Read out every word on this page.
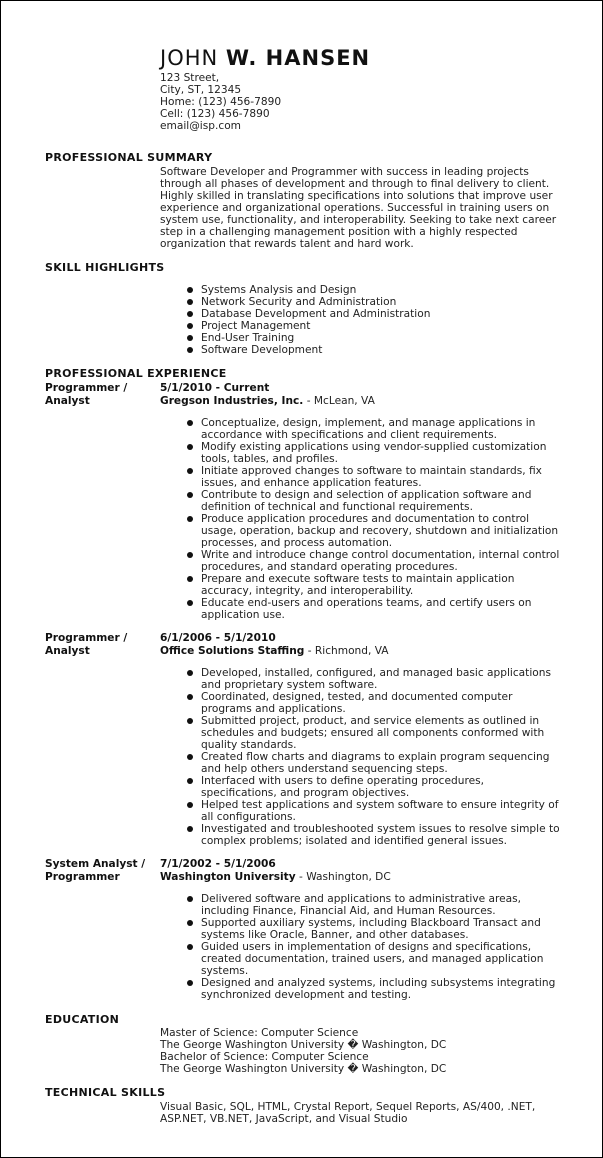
JOHN W. HANSEN
123 Street,
City, ST, 12345
Home: (123) 456-7890
Cell: (123) 456-7890
email@isp.com
PROFESSIONAL SUMMARY
Software Developer and Programmer with success in leading projects through all phases of development and through to final delivery to client. Highly skilled in translating specifications into solutions that improve user experience and organizational operations. Successful in training users on system use, functionality, and interoperability. Seeking to take next career step in a challenging management position with a highly respected organization that rewards talent and hard work.
SKILL HIGHLIGHTS
Systems Analysis and Design
Network Security and Administration
Database Development and Administration
Project Management
End-User Training
Software Development
PROFESSIONAL EXPERIENCE
Programmer / Analyst
5/1/2010 - Current
Gregson Industries, Inc. - McLean, VA
Conceptualize, design, implement, and manage applications in accordance with specifications and client requirements.
Modify existing applications using vendor-supplied customization tools, tables, and profiles.
Initiate approved changes to software to maintain standards, fix issues, and enhance application features.
Contribute to design and selection of application software and definition of technical and functional requirements.
Produce application procedures and documentation to control usage, operation, backup and recovery, shutdown and initialization processes, and process automation.
Write and introduce change control documentation, internal control procedures, and standard operating procedures.
Prepare and execute software tests to maintain application accuracy, integrity, and interoperability.
Educate end-users and operations teams, and certify users on application use.
Programmer / Analyst
6/1/2006 - 5/1/2010
Office Solutions Staffing - Richmond, VA
Developed, installed, configured, and managed basic applications and proprietary system software.
Coordinated, designed, tested, and documented computer programs and applications.
Submitted project, product, and service elements as outlined in schedules and budgets; ensured all components conformed with quality standards.
Created flow charts and diagrams to explain program sequencing and help others understand sequencing steps.
Interfaced with users to define operating procedures, specifications, and program objectives.
Helped test applications and system software to ensure integrity of all configurations.
Investigated and troubleshooted system issues to resolve simple to complex problems; isolated and identified general issues.
System Analyst / Programmer
7/1/2002 - 5/1/2006
Washington University - Washington, DC
Delivered software and applications to administrative areas, including Finance, Financial Aid, and Human Resources.
Supported auxiliary systems, including Blackboard Transact and systems like Oracle, Banner, and other databases.
Guided users in implementation of designs and specifications, created documentation, trained users, and managed application systems.
Designed and analyzed systems, including subsystems integrating synchronized development and testing.
EDUCATION
Master of Science: Computer Science
The George Washington University � Washington, DC
Bachelor of Science: Computer Science
The George Washington University � Washington, DC
TECHNICAL SKILLS
Visual Basic, SQL, HTML, Crystal Report, Sequel Reports, AS/400, .NET, ASP.NET, VB.NET, JavaScript, and Visual Studio
